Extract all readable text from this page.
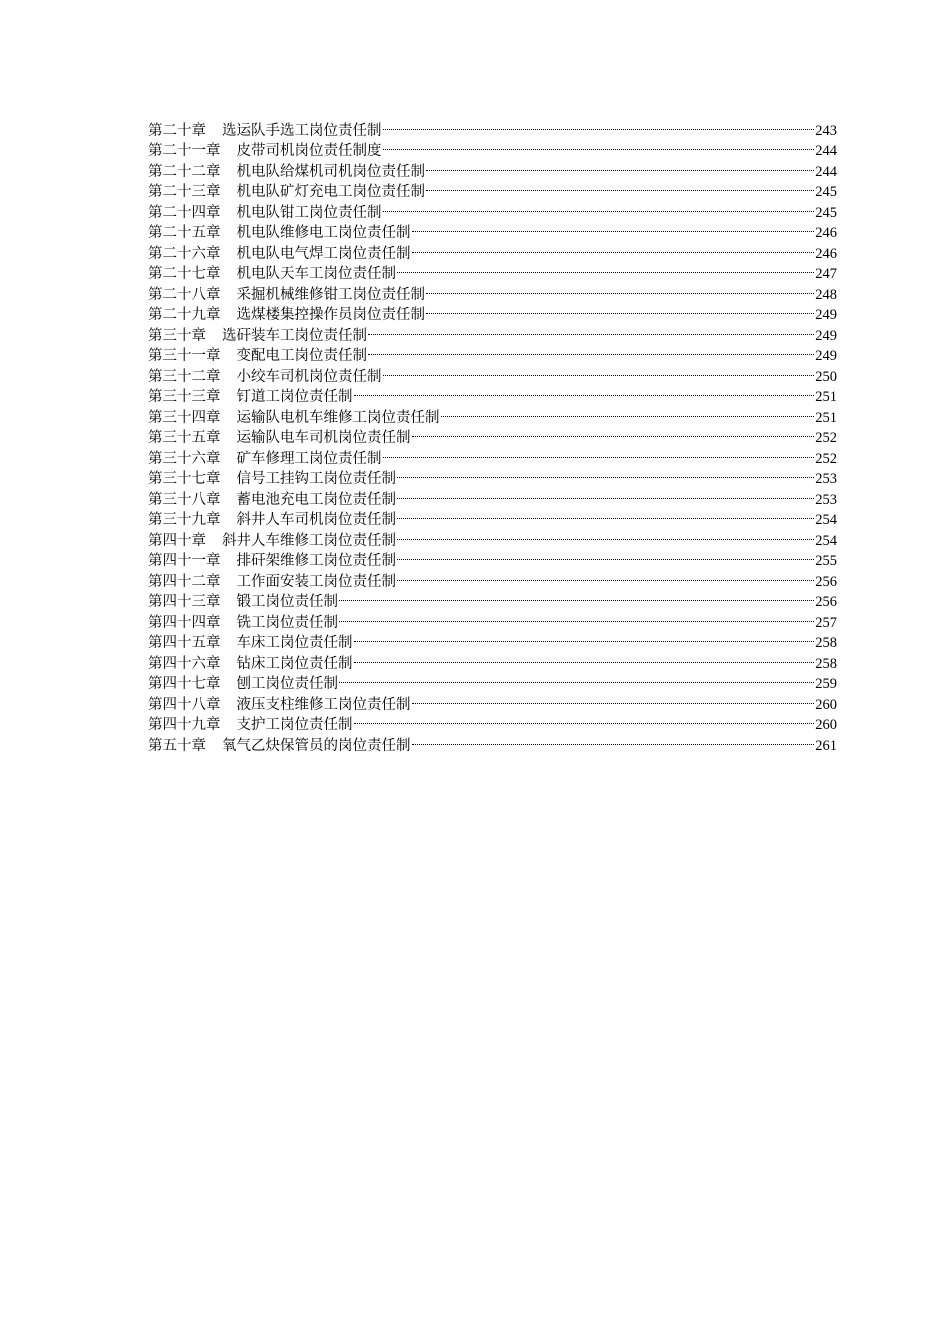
第二十章 选运队手选工岗位责任制	243
第二十一章 皮带司机岗位责任制度	244
第二十二章 机电队给煤机司机岗位责任制	244
第二十三章 机电队矿灯充电工岗位责任制	245
第二十四章 机电队钳工岗位责任制	245
第二十五章 机电队维修电工岗位责任制	246
第二十六章 机电队电气焊工岗位责任制	246
第二十七章 机电队天车工岗位责任制	247
第二十八章 采掘机械维修钳工岗位责任制	248
第二十九章 选煤楼集控操作员岗位责任制	249
第三十章 选矸装车工岗位责任制	249
第三十一章 变配电工岗位责任制	249
第三十二章 小绞车司机岗位责任制	250
第三十三章 钉道工岗位责任制	251
第三十四章 运输队电机车维修工岗位责任制	251
第三十五章 运输队电车司机岗位责任制	252
第三十六章 矿车修理工岗位责任制	252
第三十七章 信号工挂钩工岗位责任制	253
第三十八章 蓄电池充电工岗位责任制	253
第三十九章 斜井人车司机岗位责任制	254
第四十章 斜井人车维修工岗位责任制	254
第四十一章 排矸架维修工岗位责任制	255
第四十二章 工作面安装工岗位责任制	256
第四十三章 锻工岗位责任制	256
第四十四章 铣工岗位责任制	257
第四十五章 车床工岗位责任制	258
第四十六章 钻床工岗位责任制	258
第四十七章 刨工岗位责任制	259
第四十八章 液压支柱维修工岗位责任制	260
第四十九章 支护工岗位责任制	260
第五十章 氧气乙炔保管员的岗位责任制	261
